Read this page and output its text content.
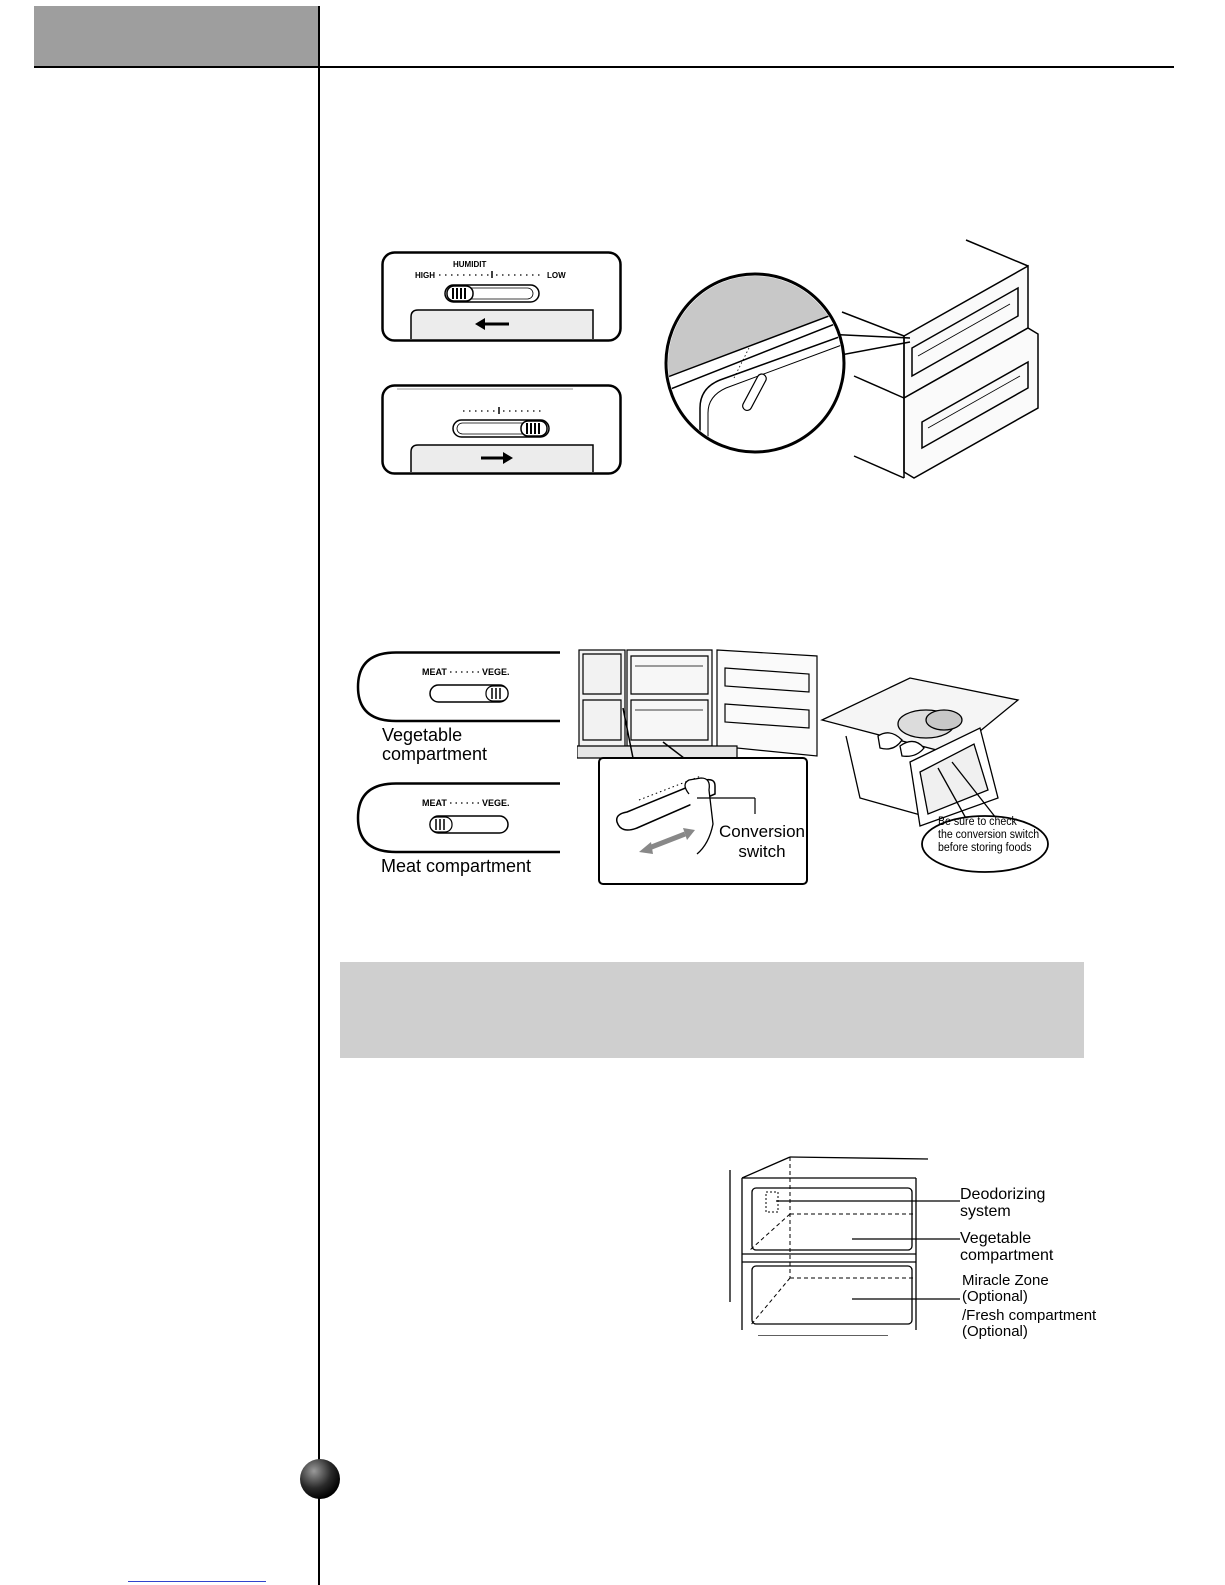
HUMIDIT
HIGH	LOW
MEAT	VEGE.
Vegetable
compartment
MEAT	VEGE.
Meat compartment
Conversion
switch
Be sure to check
the conversion switch
before storing foods
Deodorizing
system
Vegetable
compartment
Miracle Zone
(Optional)
/Fresh compartment
(Optional)
